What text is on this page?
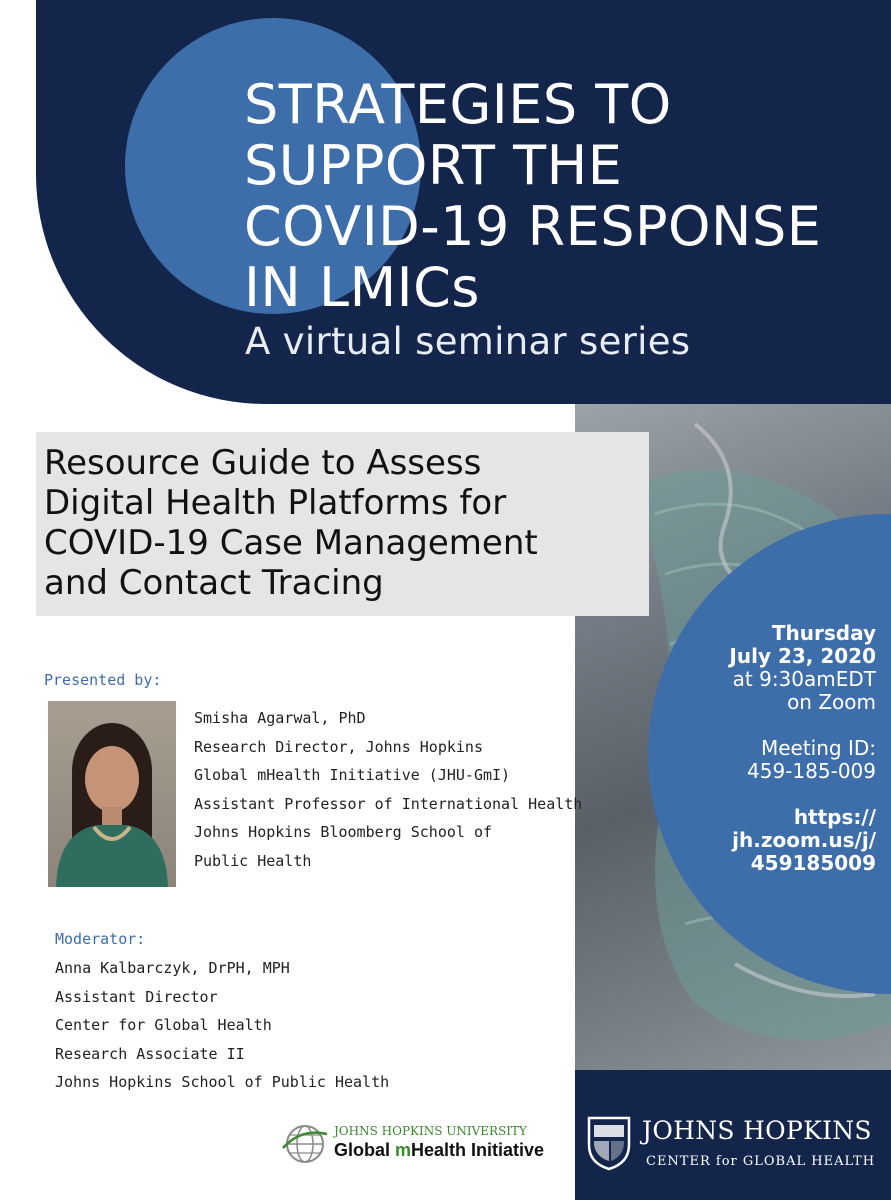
STRATEGIES TO
SUPPORT THE
COVID-19 RESPONSE
IN LMICs
A virtual seminar series
Thursday
July 23, 2020
at 9:30amEDT
on Zoom
Meeting ID:
459-185-009
https://
jh.zoom.us/j/
459185009
Resource Guide to Assess
Digital Health Platforms for
COVID-19 Case Management
and Contact Tracing
Presented by:
Smisha Agarwal, PhD
Research Director, Johns Hopkins
Global mHealth Initiative (JHU-GmI)
Assistant Professor of International Health
Johns Hopkins Bloomberg School of
Public Health
Moderator:
Anna Kalbarczyk, DrPH, MPH
Assistant Director
Center for Global Health
Research Associate II
Johns Hopkins School of Public Health
JOHNS HOPKINS UNIVERSITY
Global mHealth Initiative
JOHNS HOPKINS
CENTER for GLOBAL HEALTH
